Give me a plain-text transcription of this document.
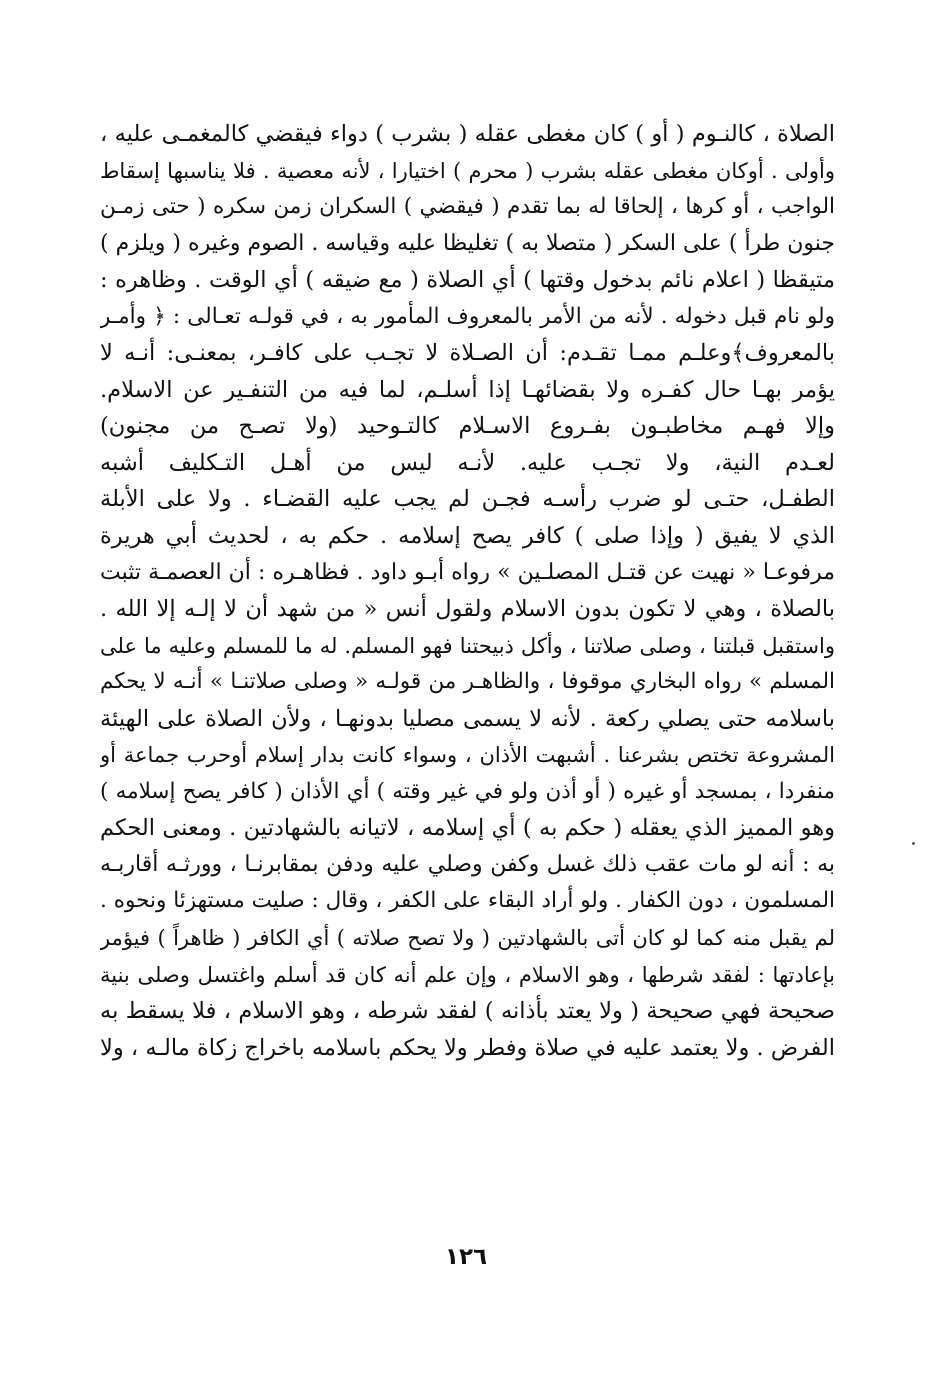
الصلاة ، كالنـوم ( أو ) كان مغطى عقله ( بشرب ) دواء فيقضي كالمغمـى عليه ،
وأولى . أوكان مغطى عقله بشرب ( محرم ) اختيارا ، لأنه معصية . فلا يناسبها إسقاط
الواجب ، أو كرها ، إلحاقا له بما تقدم ( فيقضي ) السكران زمن سكره ( حتى زمـن
جنون طرأ ) على السكر ( متصلا به ) تغليظا عليه وقياسه . الصوم وغيره ( ويلزم )
متيقظا ( اعلام نائم بدخول وقتها ) أي الصلاة ( مع ضيقه ) أي الوقت . وظاهره :
ولو نام قبل دخوله . لأنه من الأمر بالمعروف المأمور به ، في قولـه تعـالى : ﴿ وأمـر
بالمعروف﴾وعلـم ممـا تقـدم: أن الصـلاة لا تجـب على كافـر، بمعنـى: أنـه لا
يؤمر بهـا حال كفـره ولا بقضائهـا إذا أسلـم، لما فيه من التنفـير عن الاسلام.
وإلا فهـم مخاطبـون بفـروع الاسـلام كالتـوحيد (ولا تصـح من مجنون)
لعـدم النية، ولا تجـب عليه. لأنـه ليس من أهـل التـكليف أشبه
الطفـل، حتـى لو ضرب رأسـه فجـن لم يجب عليه القضـاء . ولا على الأبلة
الذي لا يفيق ( وإذا صلى ) كافر يصح إسلامه . حكم به ، لحديث أبي هريرة
مرفوعـا « نهيت عن قتـل المصلـين » رواه أبـو داود . فظاهـره : أن العصمـة تثبت
بالصلاة ، وهي لا تكون بدون الاسلام ولقول أنس « من شهد أن لا إلـه إلا الله .
واستقبل قبلتنا ، وصلى صلاتنا ، وأكل ذبيحتنا فهو المسلم. له ما للمسلم وعليه ما على
المسلم » رواه البخاري موقوفا ، والظاهـر من قولـه « وصلى صلاتنـا » أنـه لا يحكم
باسلامه حتى يصلي ركعة . لأنه لا يسمى مصليا بدونهـا ، ولأن الصلاة على الهيئة
المشروعة تختص بشرعنا . أشبهت الأذان ، وسواء كانت بدار إسلام أوحرب جماعة أو
منفردا ، بمسجد أو غيره ( أو أذن ولو في غير وقته ) أي الأذان ( كافر يصح إسلامه )
وهو المميز الذي يعقله ( حكم به ) أي إسلامه ، لاتيانه بالشهادتين . ومعنى الحكم
به : أنه لو مات عقب ذلك غسل وكفن وصلي عليه ودفن بمقابرنـا ، وورثـه أقاربـه
المسلمون ، دون الكفار . ولو أراد البقاء على الكفر ، وقال : صليت مستهزئا ونحوه .
لم يقبل منه كما لو كان أتى بالشهادتين ( ولا تصح صلاته ) أي الكافر ( ظاهراً ) فيؤمر
بإعادتها : لفقد شرطها ، وهو الاسلام ، وإن علم أنه كان قد أسلم واغتسل وصلى بنية
صحيحة فهي صحيحة ( ولا يعتد بأذانه ) لفقد شرطه ، وهو الاسلام ، فلا يسقط به
الفرض . ولا يعتمد عليه في صلاة وفطر ولا يحكم باسلامه باخراج زكاة مالـه ، ولا
١٢٦
